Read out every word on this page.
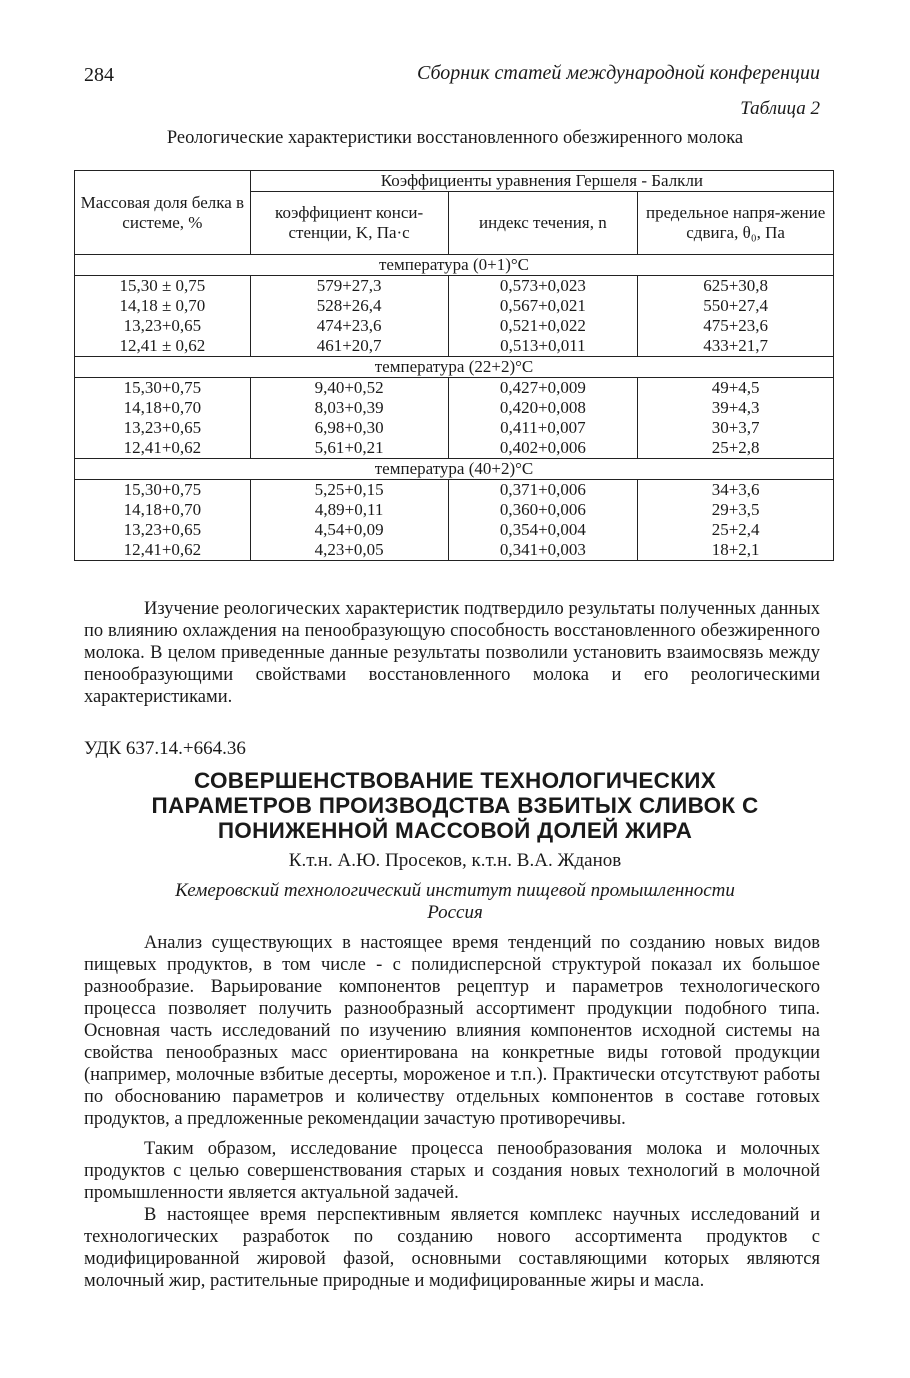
284	Сборник статей международной конференции
Таблица 2
Реологические характеристики восстановленного обезжиренного молока
Массовая доля белка в системе, %	Коэффициенты уравнения Гершеля - Балкли		
	коэффициент конси-стенции, K, Па·с	индекс течения, n	предельное напря-жение сдвига, θ₀, Па
температура (0+1)°С			
15,30 ± 0,75	579+27,3	0,573+0,023	625+30,8
14,18 ± 0,70	528+26,4	0,567+0,021	550+27,4
13,23+0,65	474+23,6	0,521+0,022	475+23,6
12,41 ± 0,62	461+20,7	0,513+0,011	433+21,7
температура (22+2)°С			
15,30+0,75	9,40+0,52	0,427+0,009	49+4,5
14,18+0,70	8,03+0,39	0,420+0,008	39+4,3
13,23+0,65	6,98+0,30	0,411+0,007	30+3,7
12,41+0,62	5,61+0,21	0,402+0,006	25+2,8
температура (40+2)°С			
15,30+0,75	5,25+0,15	0,371+0,006	34+3,6
14,18+0,70	4,89+0,11	0,360+0,006	29+3,5
13,23+0,65	4,54+0,09	0,354+0,004	25+2,4
12,41+0,62	4,23+0,05	0,341+0,003	18+2,1

Изучение реологических характеристик подтвердило результаты полученных данных по влиянию охлаждения на пенообразующую способность восстановленного обезжиренного молока. В целом приведенные данные результаты позволили установить взаимосвязь между пенообразующими свойствами восстановленного молока и его реологическими характеристиками.

УДК 637.14.+664.36
СОВЕРШЕНСТВОВАНИЕ ТЕХНОЛОГИЧЕСКИХ
ПАРАМЕТРОВ ПРОИЗВОДСТВА ВЗБИТЫХ СЛИВОК С
ПОНИЖЕННОЙ МАССОВОЙ ДОЛЕЙ ЖИРА
К.т.н. А.Ю. Просеков, к.т.н. В.А. Жданов
Кемеровский технологический институт пищевой промышленности
Россия

Анализ существующих в настоящее время тенденций по созданию новых видов пищевых продуктов, в том числе - с полидисперсной структурой показал их большое разнообразие. Варьирование компонентов рецептур и параметров технологического процесса позволяет получить разнообразный ассортимент продукции подобного типа. Основная часть исследований по изучению влияния компонентов исходной системы на свойства пенообразных масс ориентирована на конкретные виды готовой продукции (например, молочные взбитые десерты, мороженое и т.п.). Практически отсутствуют работы по обоснованию параметров и количеству отдельных компонентов в составе готовых продуктов, а предложенные рекомендации зачастую противоречивы.

Таким образом, исследование процесса пенообразования молока и молочных продуктов с целью совершенствования старых и создания новых технологий в молочной промышленности является актуальной задачей.

В настоящее время перспективным является комплекс научных исследований и технологических разработок по созданию нового ассортимента продуктов с модифицированной жировой фазой, основными составляющими которых являются молочный жир, растительные природные и модифицированные жиры и масла.
